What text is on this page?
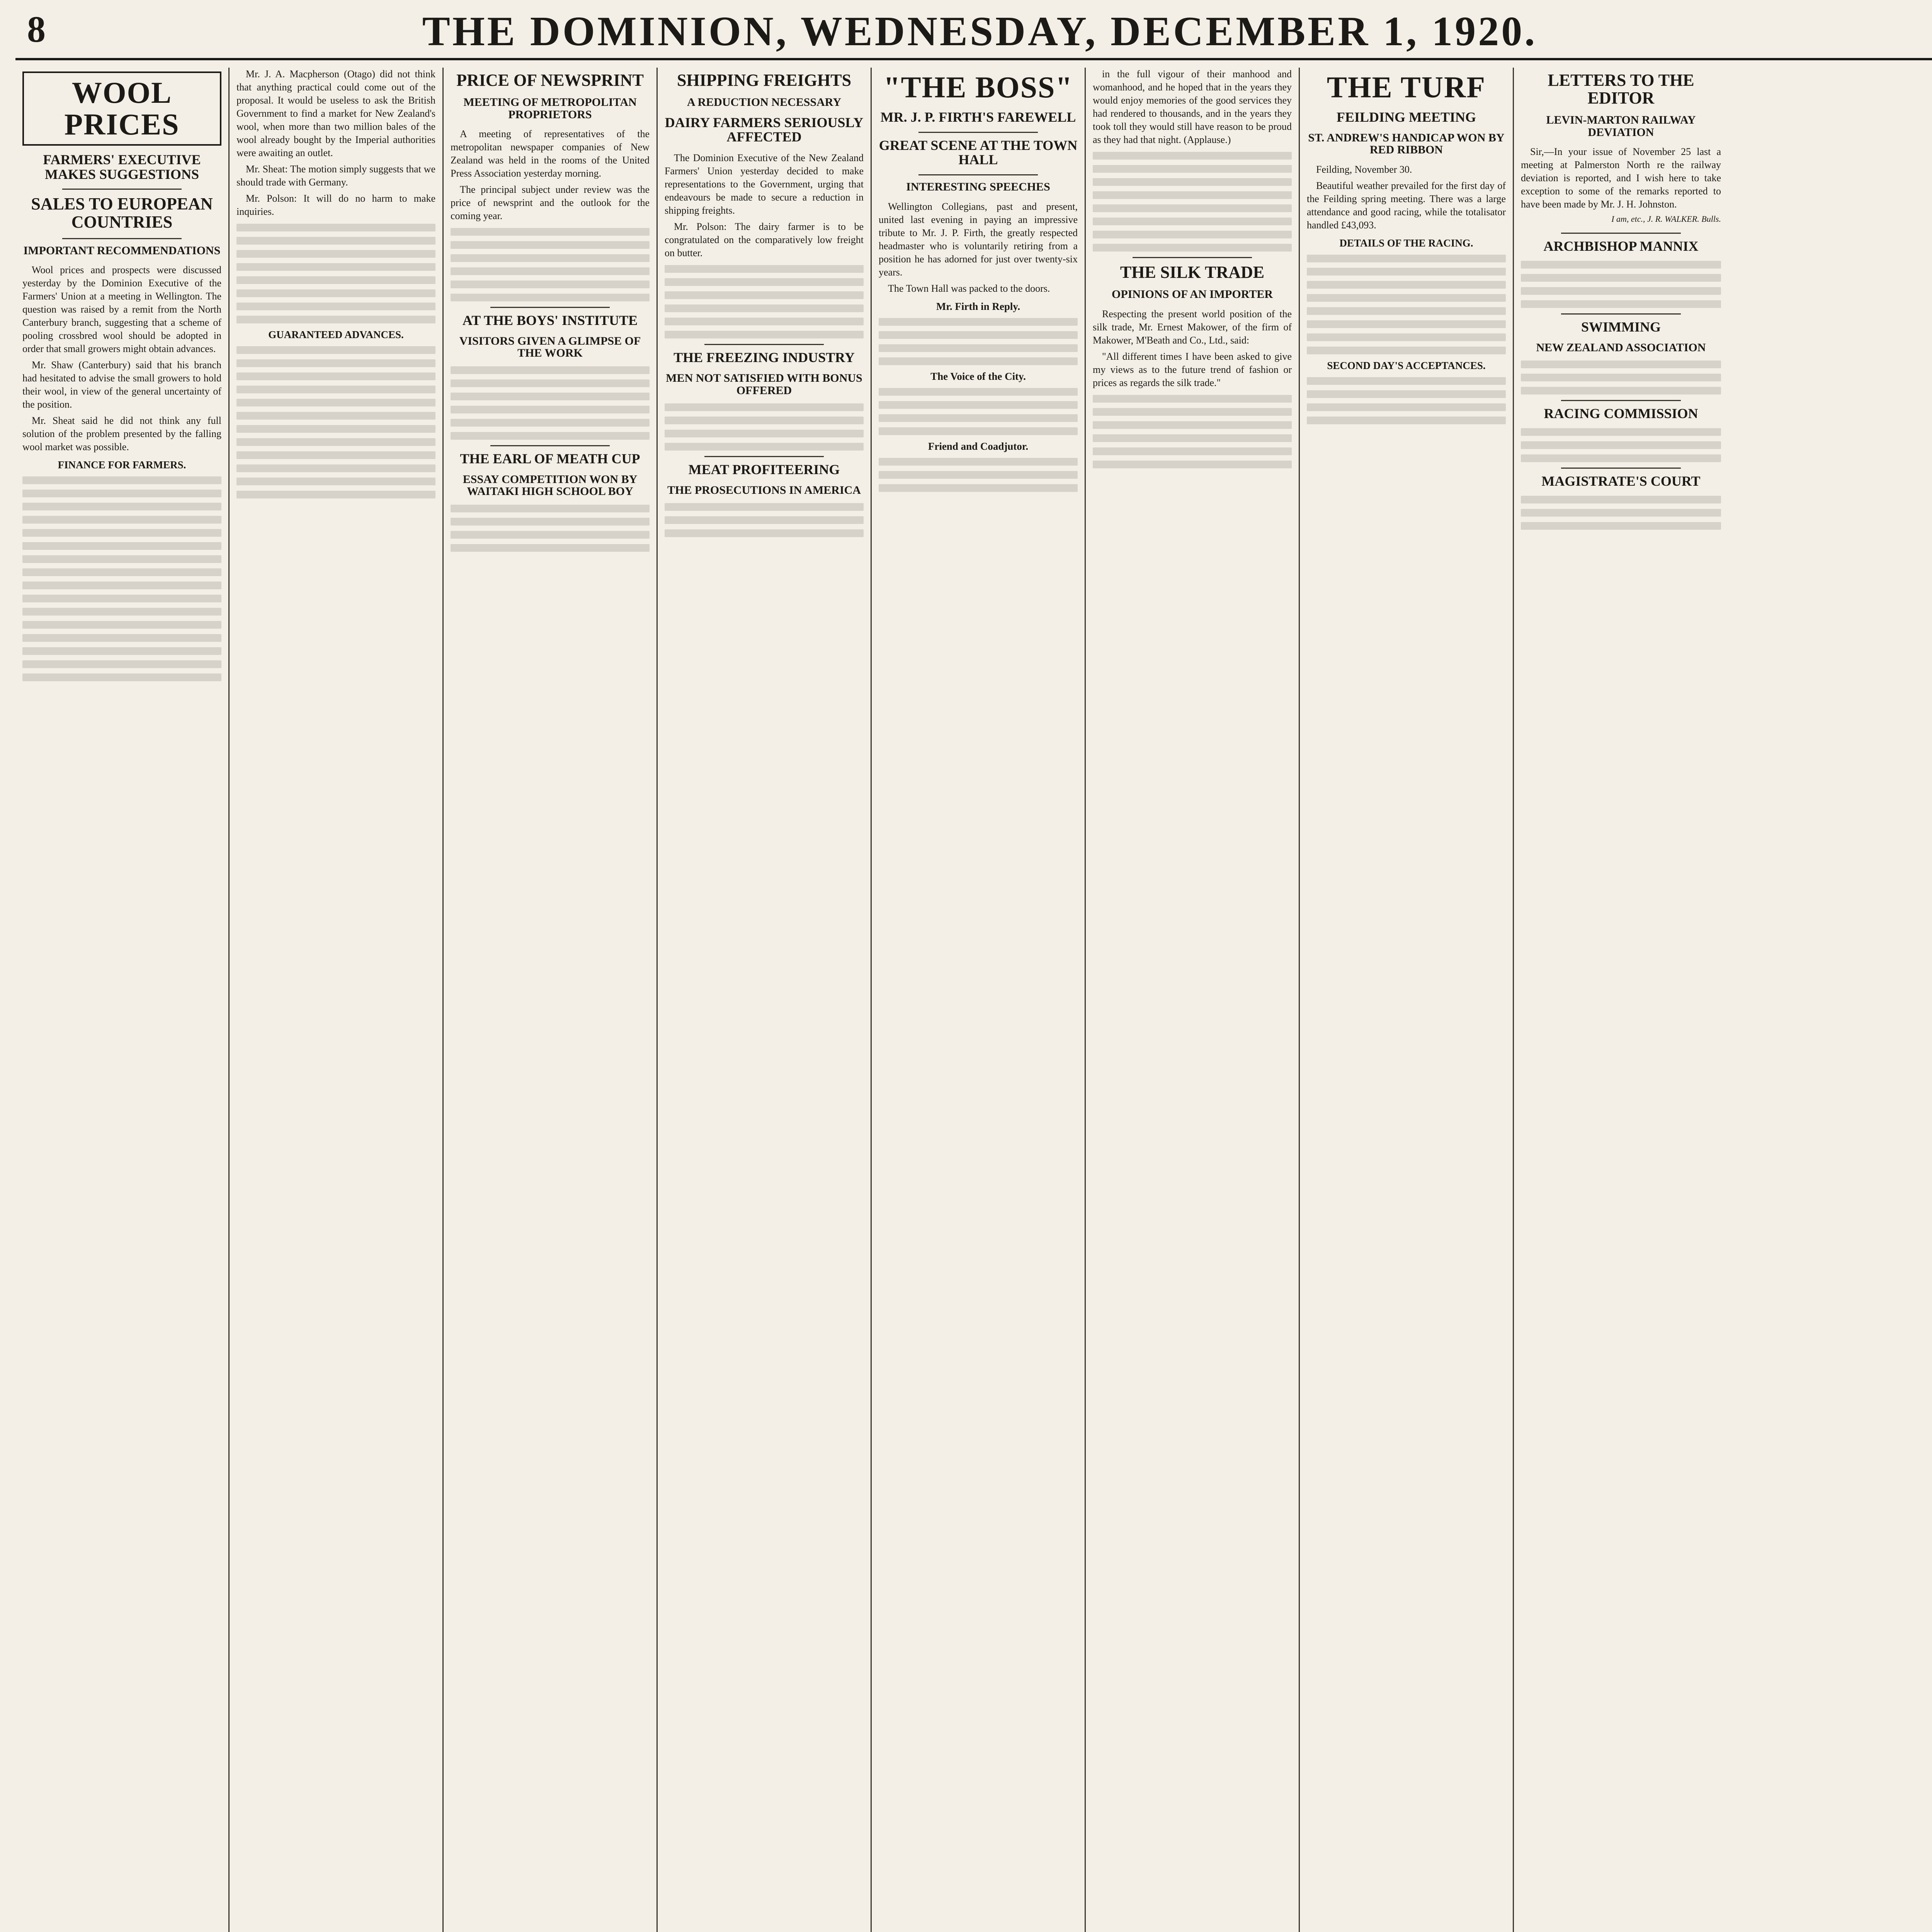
8	THE DOMINION, WEDNESDAY, DECEMBER 1, 1920.
WOOL PRICES
FARMERS' EXECUTIVE MAKES SUGGESTIONS
SALES TO EUROPEAN COUNTRIES
IMPORTANT RECOMMENDATIONS

Wool prices and prospects were discussed yesterday by the Dominion Executive of the Farmers' Union at a meeting in Wellington. The question was raised by a remit from the North Canterbury branch, suggesting that a scheme of pooling crossbred wool should be adopted in order that small growers might obtain advances.

Mr. Shaw (Canterbury) said that his branch had hesitated to advise the small growers to hold their wool, in view of the general uncertainty of the position.

Mr. Sheat said he did not think any full solution of the problem presented by the falling wool market was possible.

FINANCE FOR FARMERS.

Mr. J. A. Macpherson (Otago) did not think that anything practical could come out of the proposal. It would be useless to ask the British Government to find a market for New Zealand's wool, when more than two million bales of the wool already bought by the Imperial authorities were awaiting an outlet.

Mr. Sheat: The motion simply suggests that we should trade with Germany.

Mr. Polson: It will do no harm to make inquiries.

GUARANTEED ADVANCES.
PRICE OF NEWSPRINT
MEETING OF METROPOLITAN PROPRIETORS

A meeting of representatives of the metropolitan newspaper companies of New Zealand was held in the rooms of the United Press Association yesterday morning.

The principal subject under review was the price of newsprint and the outlook for the coming year.

AT THE BOYS' INSTITUTE
VISITORS GIVEN A GLIMPSE OF THE WORK
THE EARL OF MEATH CUP
ESSAY COMPETITION WON BY WAITAKI HIGH SCHOOL BOY
SHIPPING FREIGHTS
A REDUCTION NECESSARY
DAIRY FARMERS SERIOUSLY AFFECTED

The Dominion Executive of the New Zealand Farmers' Union yesterday decided to make representations to the Government, urging that endeavours be made to secure a reduction in shipping freights.

Mr. Polson: The dairy farmer is to be congratulated on the comparatively low freight on butter.

THE FREEZING INDUSTRY
MEN NOT SATISFIED WITH BONUS OFFERED
MEAT PROFITEERING
THE PROSECUTIONS IN AMERICA
"THE BOSS"
MR. J. P. FIRTH'S FAREWELL
GREAT SCENE AT THE TOWN HALL
INTERESTING SPEECHES

Wellington Collegians, past and present, united last evening in paying an impressive tribute to Mr. J. P. Firth, the greatly respected headmaster who is voluntarily retiring from a position he has adorned for just over twenty-six years.

The Town Hall was packed to the doors.

Mr. Firth in Reply.
The Voice of the City.
Friend and Coadjutor.

in the full vigour of their manhood and womanhood, and he hoped that in the years they would enjoy memories of the good services they had rendered to thousands, and in the years they took toll they would still have reason to be proud as they had that night. (Applause.)

THE SILK TRADE
OPINIONS OF AN IMPORTER

Respecting the present world position of the silk trade, Mr. Ernest Makower, of the firm of Makower, M'Beath and Co., Ltd., said:

"All different times I have been asked to give my views as to the future trend of fashion or prices as regards the silk trade."

THE TURF
FEILDING MEETING
ST. ANDREW'S HANDICAP WON BY RED RIBBON

Feilding, November 30.

Beautiful weather prevailed for the first day of the Feilding spring meeting. There was a large attendance and good racing, while the totalisator handled £43,093.

DETAILS OF THE RACING.
SECOND DAY'S ACCEPTANCES.
LETTERS TO THE EDITOR
LEVIN-MARTON RAILWAY DEVIATION

Sir,—In your issue of November 25 last a meeting at Palmerston North re the railway deviation is reported, and I wish here to take exception to some of the remarks reported to have been made by Mr. J. H. Johnston.

I am, etc., J. R. WALKER. Bulls.

ARCHBISHOP MANNIX
SWIMMING
NEW ZEALAND ASSOCIATION
RACING COMMISSION
MAGISTRATE'S COURT
